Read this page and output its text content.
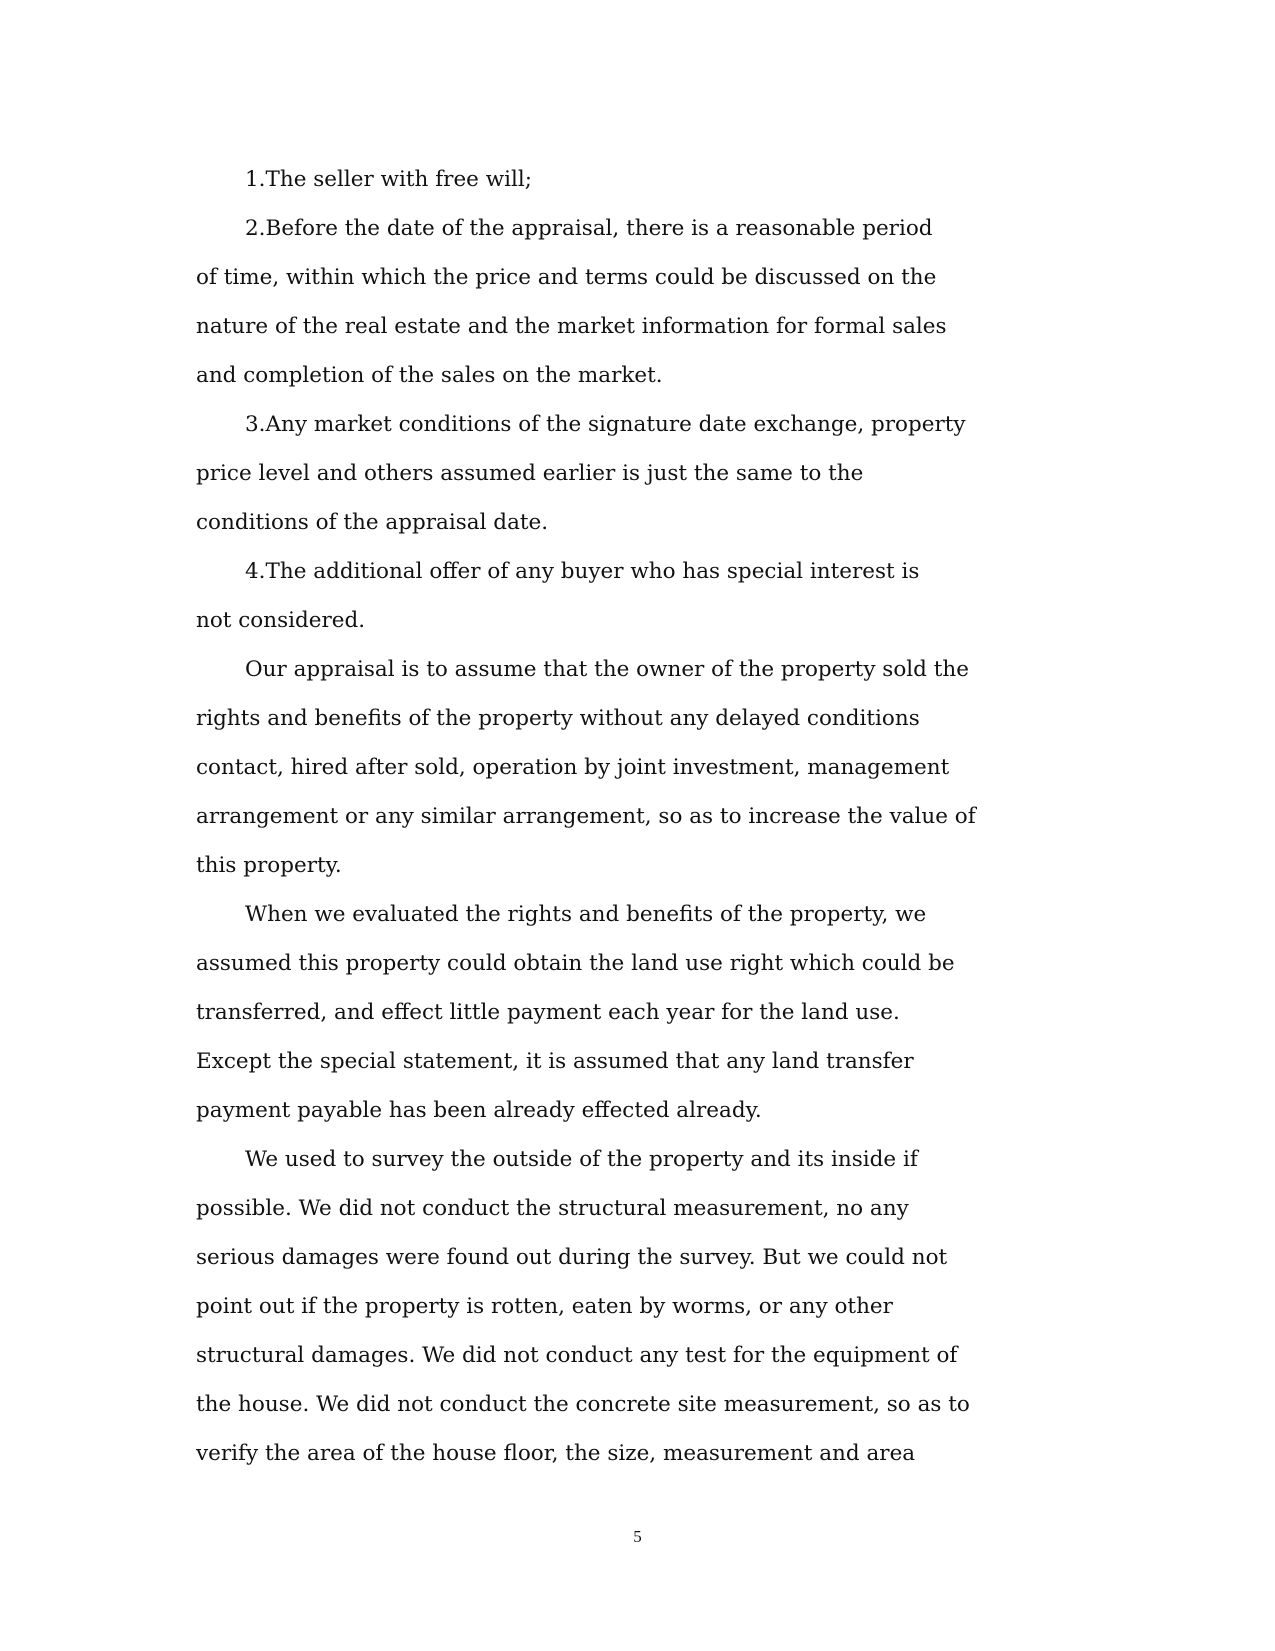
1.The seller with free will;
2.Before the date of the appraisal, there is a reasonable period
of time, within which the price and terms could be discussed on the
nature of the real estate and the market information for formal sales
and completion of the sales on the market.
3.Any market conditions of the signature date exchange, property
price level and others assumed earlier is just the same to the
conditions of the appraisal date.
4.The additional offer of any buyer who has special interest is
not considered.
Our appraisal is to assume that the owner of the property sold the
rights and benefits of the property without any delayed conditions
contact, hired after sold, operation by joint investment, management
arrangement or any similar arrangement, so as to increase the value of
this property.
When we evaluated the rights and benefits of the property, we
assumed this property could obtain the land use right which could be
transferred, and effect little payment each year for the land use.
Except the special statement, it is assumed that any land transfer
payment payable has been already effected already.
We used to survey the outside of the property and its inside if
possible. We did not conduct the structural measurement, no any
serious damages were found out during the survey. But we could not
point out if the property is rotten, eaten by worms, or any other
structural damages. We did not conduct any test for the equipment of
the house. We did not conduct the concrete site measurement, so as to
verify the area of the house floor, the size, measurement and area
5
